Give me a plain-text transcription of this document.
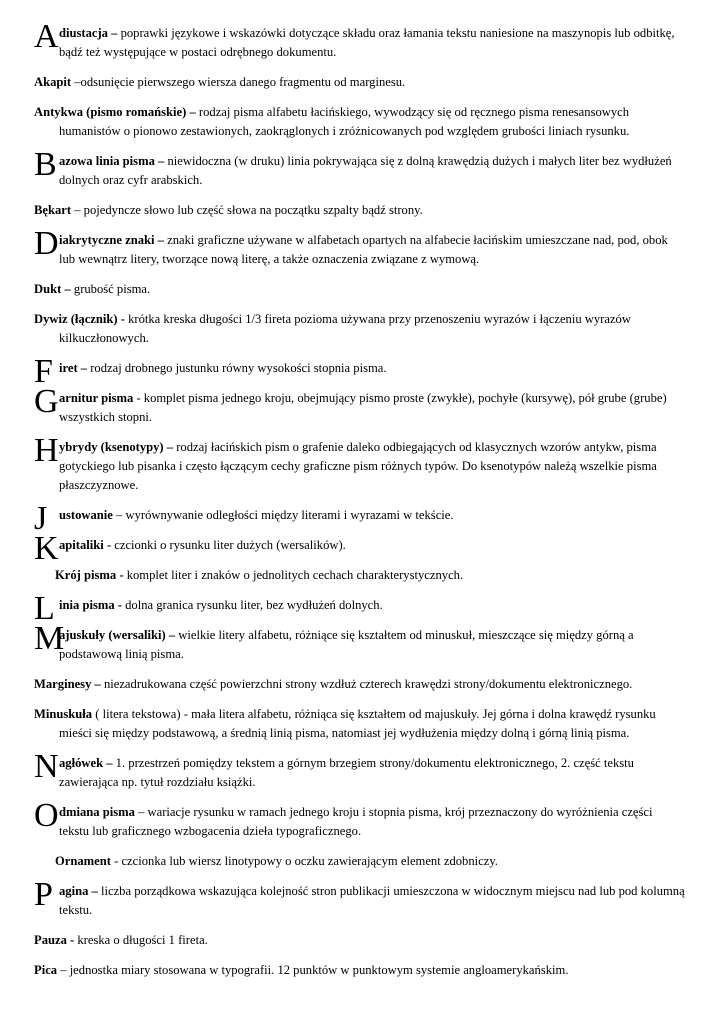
A diustacja – poprawki językowe i wskazówki dotyczące składu oraz łamania tekstu naniesione na maszynopis lub odbitkę, bądź też występujące w postaci odrębnego dokumentu.
Akapit –odsunięcie pierwszego wiersza danego fragmentu od marginesu.
Antykwa (pismo romańskie) – rodzaj pisma alfabetu łacińskiego, wywodzący się od ręcznego pisma renesansowych humanistów o pionowo zestawionych, zaokrąglonych i zróżnicowanych pod względem grubości liniach rysunku.
B azowa linia pisma – niewidoczna (w druku) linia pokrywająca się z dolną krawędzią dużych i małych liter bez wydłużeń dolnych oraz cyfr arabskich.
Bękart – pojedyncze słowo lub część słowa na początku szpalty bądź strony.
D iakrytyczne znaki – znaki graficzne używane w alfabetach opartych na alfabecie łacińskim umieszczane nad, pod, obok lub wewnątrz litery, tworzące nową literę, a także oznaczenia związane z wymową.
Dukt – grubość pisma.
Dywiz (łącznik) - krótka kreska długości 1/3 fireta pozioma używana przy przenoszeniu wyrazów i łączeniu wyrazów kilkuczłonowych.
F iret – rodzaj drobnego justunku równy wysokości stopnia pisma.
G arnitur pisma - komplet pisma jednego kroju, obejmujący pismo proste (zwykłe), pochyłe (kursywę), pół grube (grube) wszystkich stopni.
H ybrydy (ksenotypy) – rodzaj łacińskich pism o grafenie daleko odbiegających od klasycznych wzorów antykw, pisma gotyckiego lub pisanka i często łączącym cechy graficzne pism różnych typów. Do ksenotypów należą wszelkie pisma płaszczyznowe.
J ustowanie – wyrównywanie odległości między literami i wyrazami w tekście.
K apitaliki - czcionki o rysunku liter dużych (wersalików).
Krój pisma - komplet liter i znaków o jednolitych cechach charakterystycznych.
L inia pisma - dolna granica rysunku liter, bez wydłużeń dolnych.
M
ajuskuły (wersaliki) – wielkie litery alfabetu, różniące się kształtem od minuskuł, mieszczące się między górną a podstawową linią pisma.
Marginesy – niezadrukowana część powierzchni strony wzdłuż czterech krawędzi strony/dokumentu elektronicznego.
Minuskuła ( litera tekstowa) - mała litera alfabetu, różniąca się kształtem od majuskuły. Jej górna i dolna krawędź rysunku mieści się między podstawową, a średnią linią pisma, natomiast jej wydłużenia między dolną i górną linią pisma.
N agłówek – 1. przestrzeń pomiędzy tekstem a górnym brzegiem strony/dokumentu elektronicznego, 2. część tekstu zawierająca np. tytuł rozdziału książki.
O dmiana pisma – wariacje rysunku w ramach jednego kroju i stopnia pisma, krój przeznaczony do wyróżnienia części tekstu lub graficznego wzbogacenia dzieła typograficznego.
Ornament - czcionka lub wiersz linotypowy o oczku zawierającym element zdobniczy.
P agina – liczba porządkowa wskazująca kolejność stron publikacji umieszczona w widocznym miejscu nad lub pod kolumną tekstu.
Pauza - kreska o długości 1 fireta.
Pica – jednostka miary stosowana w typografii. 12 punktów w punktowym systemie angloamerykańskim.
